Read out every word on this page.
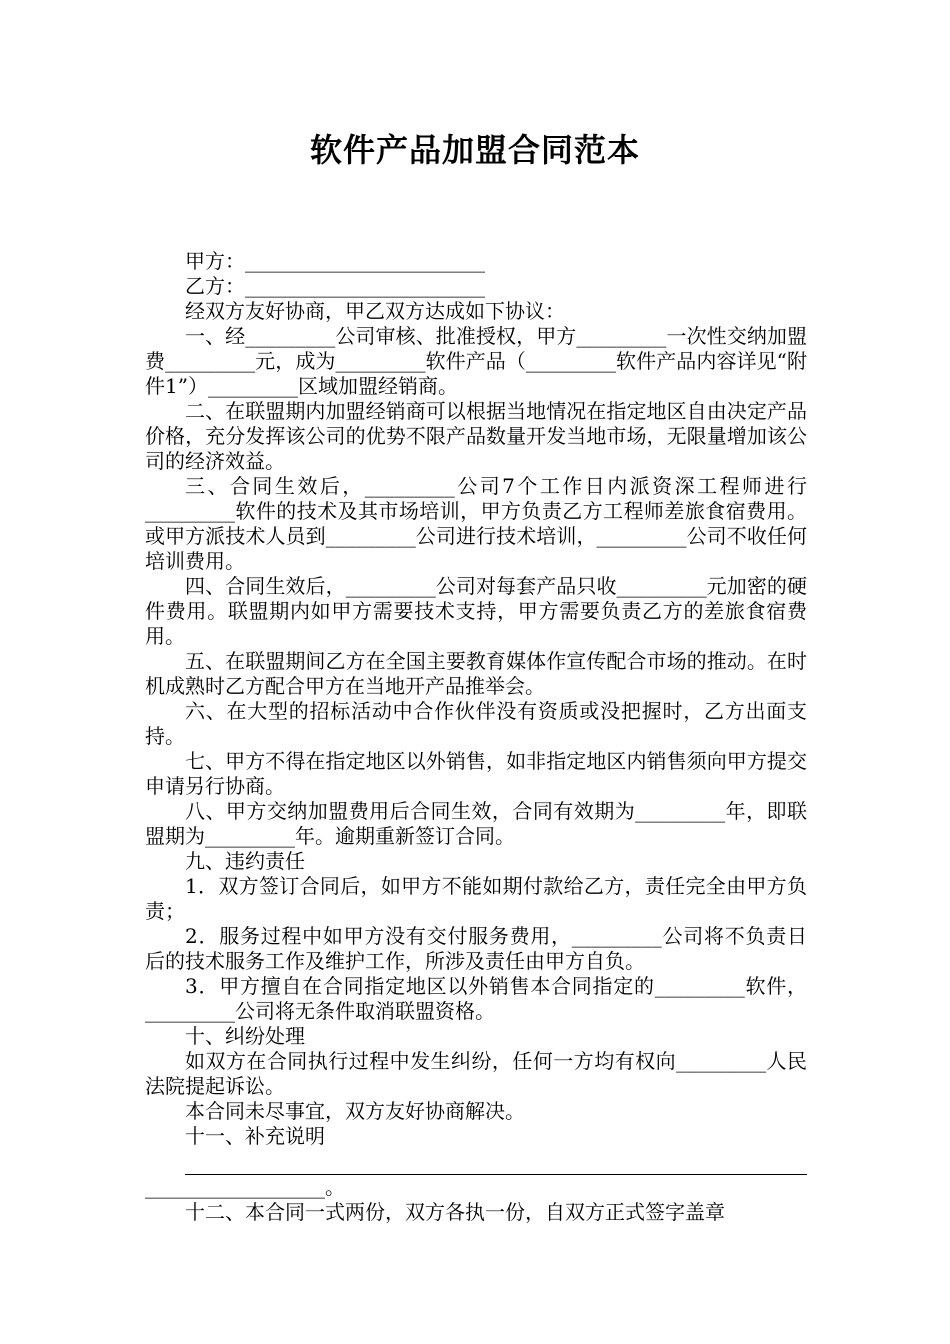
软件产品加盟合同范本

甲方：________________________

乙方：________________________

经双方友好协商，甲乙双方达成如下协议：

一、经_________公司审核、批准授权，甲方_________一次性交纳加盟费_________元，成为_________软件产品（_________软件产品内容详见“附件1”）_________区域加盟经销商。

二、在联盟期内加盟经销商可以根据当地情况在指定地区自由决定产品价格，充分发挥该公司的优势不限产品数量开发当地市场，无限量增加该公司的经济效益。

三、合同生效后，_________公司7个工作日内派资深工程师进行_________软件的技术及其市场培训，甲方负责乙方工程师差旅食宿费用。或甲方派技术人员到_________公司进行技术培训，_________公司不收任何培训费用。

四、合同生效后，_________公司对每套产品只收_________元加密的硬件费用。联盟期内如甲方需要技术支持，甲方需要负责乙方的差旅食宿费用。

五、在联盟期间乙方在全国主要教育媒体作宣传配合市场的推动。在时机成熟时乙方配合甲方在当地开产品推举会。

六、在大型的招标活动中合作伙伴没有资质或没把握时，乙方出面支持。

七、甲方不得在指定地区以外销售，如非指定地区内销售须向甲方提交申请另行协商。

八、甲方交纳加盟费用后合同生效，合同有效期为_________年，即联盟期为_________年。逾期重新签订合同。

九、违约责任

1．双方签订合同后，如甲方不能如期付款给乙方，责任完全由甲方负责；

2．服务过程中如甲方没有交付服务费用，_________公司将不负责日后的技术服务工作及维护工作，所涉及责任由甲方自负。

3．甲方擅自在合同指定地区以外销售本合同指定的_________软件，_________公司将无条件取消联盟资格。

十、纠纷处理

如双方在合同执行过程中发生纠纷，任何一方均有权向_________人民法院提起诉讼。

本合同未尽事宜，双方友好协商解决。

十一、补充说明

__________________。

十二、本合同一式两份，双方各执一份，自双方正式签字盖章
